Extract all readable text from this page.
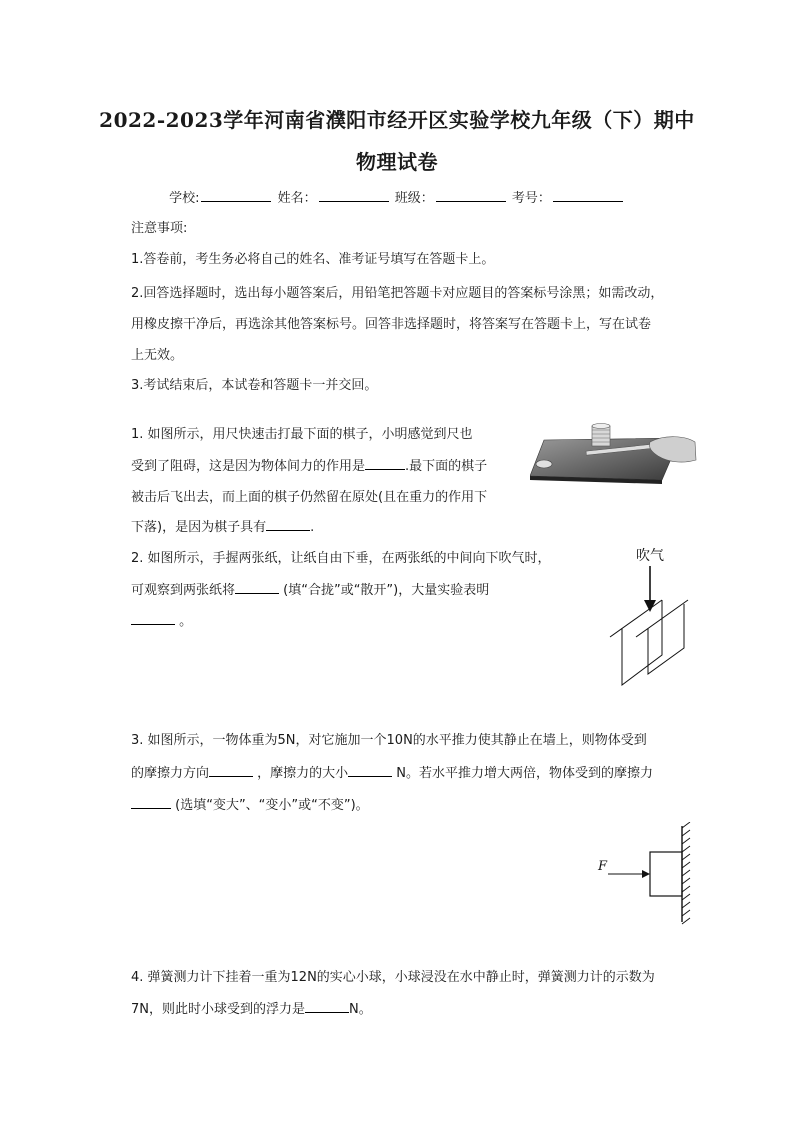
2022-2023学年河南省濮阳市经开区实验学校九年级（下）期中
物理试卷
学校:	姓名：	班级：	考号：
注意事项:
1.答卷前，考生务必将自己的姓名、准考证号填写在答题卡上。
2.回答选择题时，选出每小题答案后，用铅笔把答题卡对应题目的答案标号涂黑；如需改动，
用橡皮擦干净后，再选涂其他答案标号。回答非选择题时，将答案写在答题卡上，写在试卷
上无效。
3.考试结束后，本试卷和答题卡一并交回。
1. 如图所示，用尺快速击打最下面的棋子，小明感觉到尺也
受到了阻碍，这是因为物体间力的作用是	.最下面的棋子
被击后飞出去，而上面的棋子仍然留在原处(且在重力的作用下
下落)，是因为棋子具有	.
2. 如图所示，手握两张纸，让纸自由下垂，在两张纸的中间向下吹气时，
可观察到两张纸将	(填“合拢”或“散开”)，大量实验表明
。
吹气
3. 如图所示，一物体重为5N，对它施加一个10N的水平推力使其静止在墙上，则物体受到
的摩擦力方向	，摩擦力的大小	N。若水平推力增大两倍，物体受到的摩擦力
(选填“变大”、“变小”或“不变”)。
F
4. 弹簧测力计下挂着一重为12N的实心小球，小球浸没在水中静止时，弹簧测力计的示数为
7N，则此时小球受到的浮力是	N。
